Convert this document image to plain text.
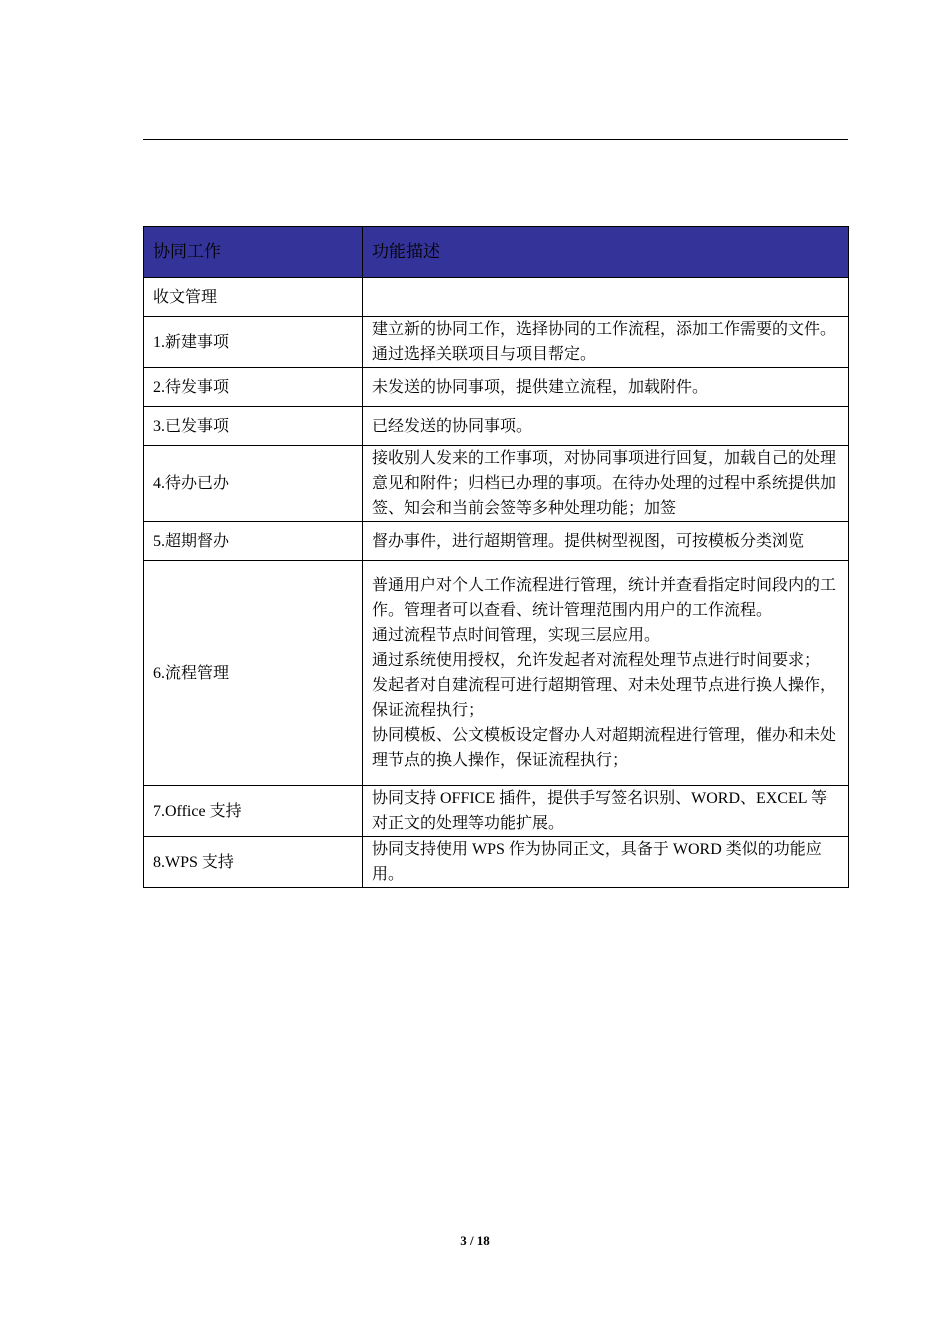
协同工作	功能描述
收文管理	
1.新建事项	建立新的协同工作，选择协同的工作流程，添加工作需要的文件。通过选择关联项目与项目帮定。
2.待发事项	未发送的协同事项，提供建立流程，加载附件。
3.已发事项	已经发送的协同事项。
4.待办已办	接收别人发来的工作事项，对协同事项进行回复，加载自己的处理意见和附件；归档已办理的事项。在待办处理的过程中系统提供加签、知会和当前会签等多种处理功能；加签
5.超期督办	督办事件，进行超期管理。提供树型视图，可按模板分类浏览
6.流程管理	普通用户对个人工作流程进行管理，统计并查看指定时间段内的工作。管理者可以查看、统计管理范围内用户的工作流程。
通过流程节点时间管理，实现三层应用。
通过系统使用授权，允许发起者对流程处理节点进行时间要求；
发起者对自建流程可进行超期管理、对未处理节点进行换人操作，保证流程执行；
协同模板、公文模板设定督办人对超期流程进行管理，催办和未处理节点的换人操作，保证流程执行；

7.Office 支持	协同支持 OFFICE 插件，提供手写签名识别、WORD、EXCEL 等对正文的处理等功能扩展。
8.WPS 支持	协同支持使用 WPS 作为协同正文，具备于 WORD 类似的功能应用。
3 / 18
